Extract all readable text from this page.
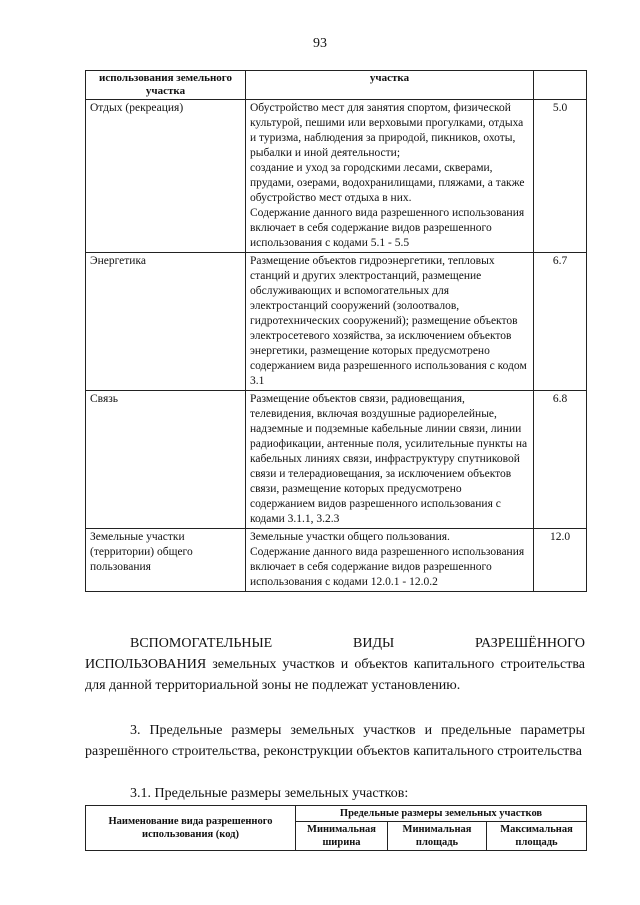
93
использования земельного участка	участка	
Отдых (рекреация)	Обустройство мест для занятия спортом, физической культурой, пешими или верховыми прогулками, отдыха и туризма, наблюдения за природой, пикников, охоты, рыбалки и иной деятельности;
создание и уход за городскими лесами, скверами, прудами, озерами, водохранилищами, пляжами, а также обустройство мест отдыха в них.
Содержание данного вида разрешенного использования включает в себя содержание видов разрешенного использования с кодами 5.1 - 5.5	5.0
Энергетика	Размещение объектов гидроэнергетики, тепловых станций и других электростанций, размещение обслуживающих и вспомогательных для электростанций сооружений (золоотвалов, гидротехнических сооружений); размещение объектов электросетевого хозяйства, за исключением объектов энергетики, размещение которых предусмотрено содержанием вида разрешенного использования с кодом 3.1	6.7
Связь	Размещение объектов связи, радиовещания, телевидения, включая воздушные радиорелейные, надземные и подземные кабельные линии связи, линии радиофикации, антенные поля, усилительные пункты на кабельных линиях связи, инфраструктуру спутниковой связи и телерадиовещания, за исключением объектов связи, размещение которых предусмотрено содержанием видов разрешенного использования с кодами 3.1.1, 3.2.3	6.8
Земельные участки (территории) общего пользования	Земельные участки общего пользования.
Содержание данного вида разрешенного использования включает в себя содержание видов разрешенного использования с кодами 12.0.1 - 12.0.2	12.0
ВСПОМОГАТЕЛЬНЫЕ ВИДЫ РАЗРЕШЁННОГО
ИСПОЛЬЗОВАНИЯ земельных участков и объектов капитального строительства для данной территориальной зоны не подлежат установлению.
3. Предельные размеры земельных участков и предельные параметры разрешённого строительства, реконструкции объектов капитального строительства
3.1. Предельные размеры земельных участков:
Наименование вида разрешенного использования (код)	Предельные размеры земельных участков		
	Минимальная ширина	Минимальная площадь	Максимальная площадь
